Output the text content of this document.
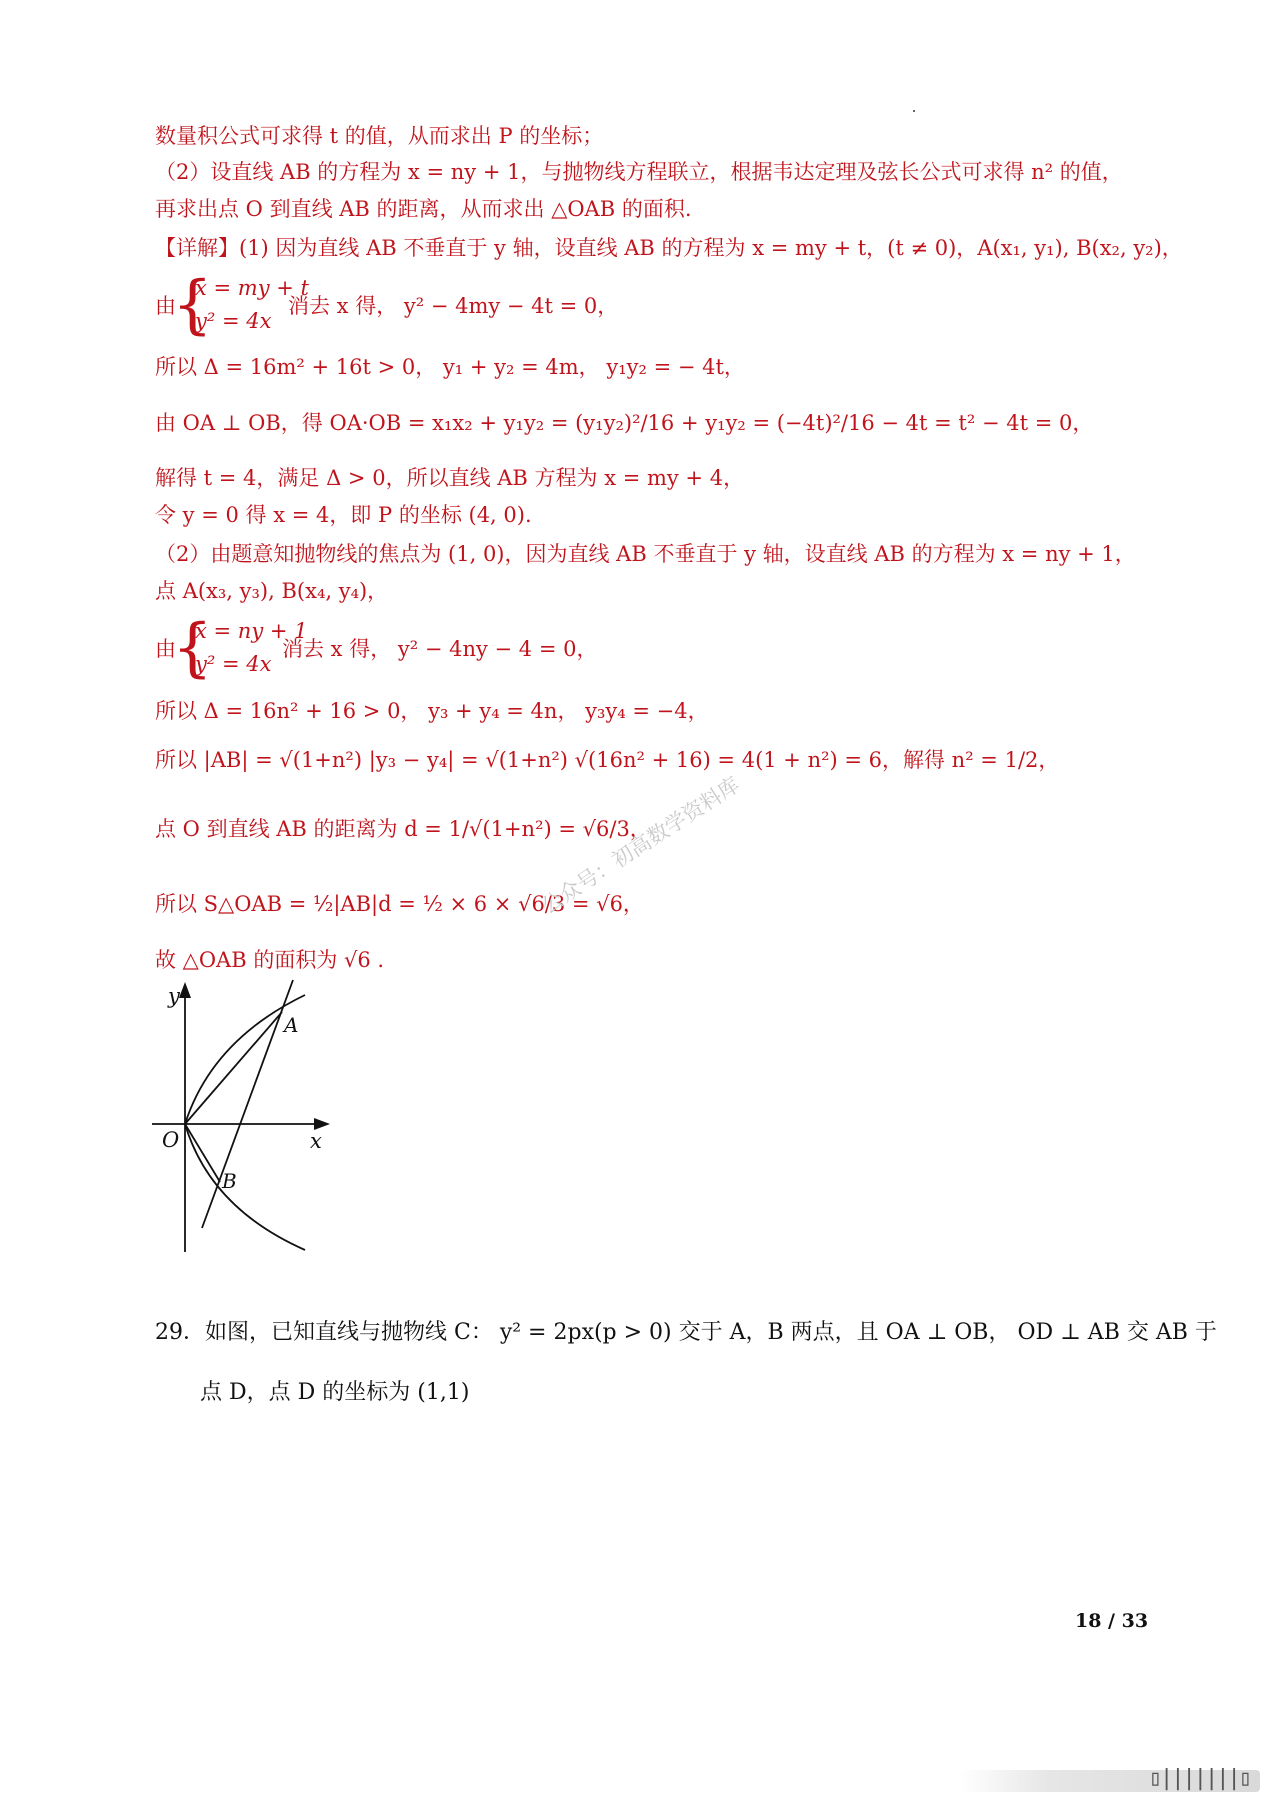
数量积公式可求得 t 的值，从而求出 P 的坐标；
（2）设直线 AB 的方程为 x = ny + 1，与抛物线方程联立，根据韦达定理及弦长公式可求得 n² 的值，
再求出点 O 到直线 AB 的距离，从而求出 △OAB 的面积.
【详解】(1) 因为直线 AB 不垂直于 y 轴，设直线 AB 的方程为 x = my + t，(t ≠ 0)，A(x₁, y₁), B(x₂, y₂)，
由
{
x = my + t
y² = 4x
消去 x 得， y² − 4my − 4t = 0，
所以 Δ = 16m² + 16t > 0， y₁ + y₂ = 4m， y₁y₂ = − 4t，
由 OA ⊥ OB，得 OA·OB = x₁x₂ + y₁y₂ = (y₁y₂)²/16 + y₁y₂ = (−4t)²/16 − 4t = t² − 4t = 0，
解得 t = 4，满足 Δ > 0，所以直线 AB 方程为 x = my + 4，
令 y = 0 得 x = 4，即 P 的坐标 (4, 0).
（2）由题意知抛物线的焦点为 (1, 0)，因为直线 AB 不垂直于 y 轴，设直线 AB 的方程为 x = ny + 1，
点 A(x₃, y₃), B(x₄, y₄)，
由
{
x = ny + 1
y² = 4x
消去 x 得， y² − 4ny − 4 = 0，
所以 Δ = 16n² + 16 > 0， y₃ + y₄ = 4n， y₃y₄ = −4，
所以 |AB| = √(1+n²) |y₃ − y₄| = √(1+n²) √(16n² + 16) = 4(1 + n²) = 6，解得 n² = 1/2，
点 O 到直线 AB 的距离为 d = 1/√(1+n²) = √6/3，
所以 S△OAB = ½|AB|d = ½ × 6 × √6/3 = √6，
故 △OAB 的面积为 √6 .
公众号：初高数学资料库
y
x
O
A
B
29．如图，已知直线与抛物线 C： y² = 2px(p > 0) 交于 A，B 两点，且 OA ⊥ OB， OD ⊥ AB 交 AB 于
点 D，点 D 的坐标为 (1,1)
18 / 33
▯|||||||▯
